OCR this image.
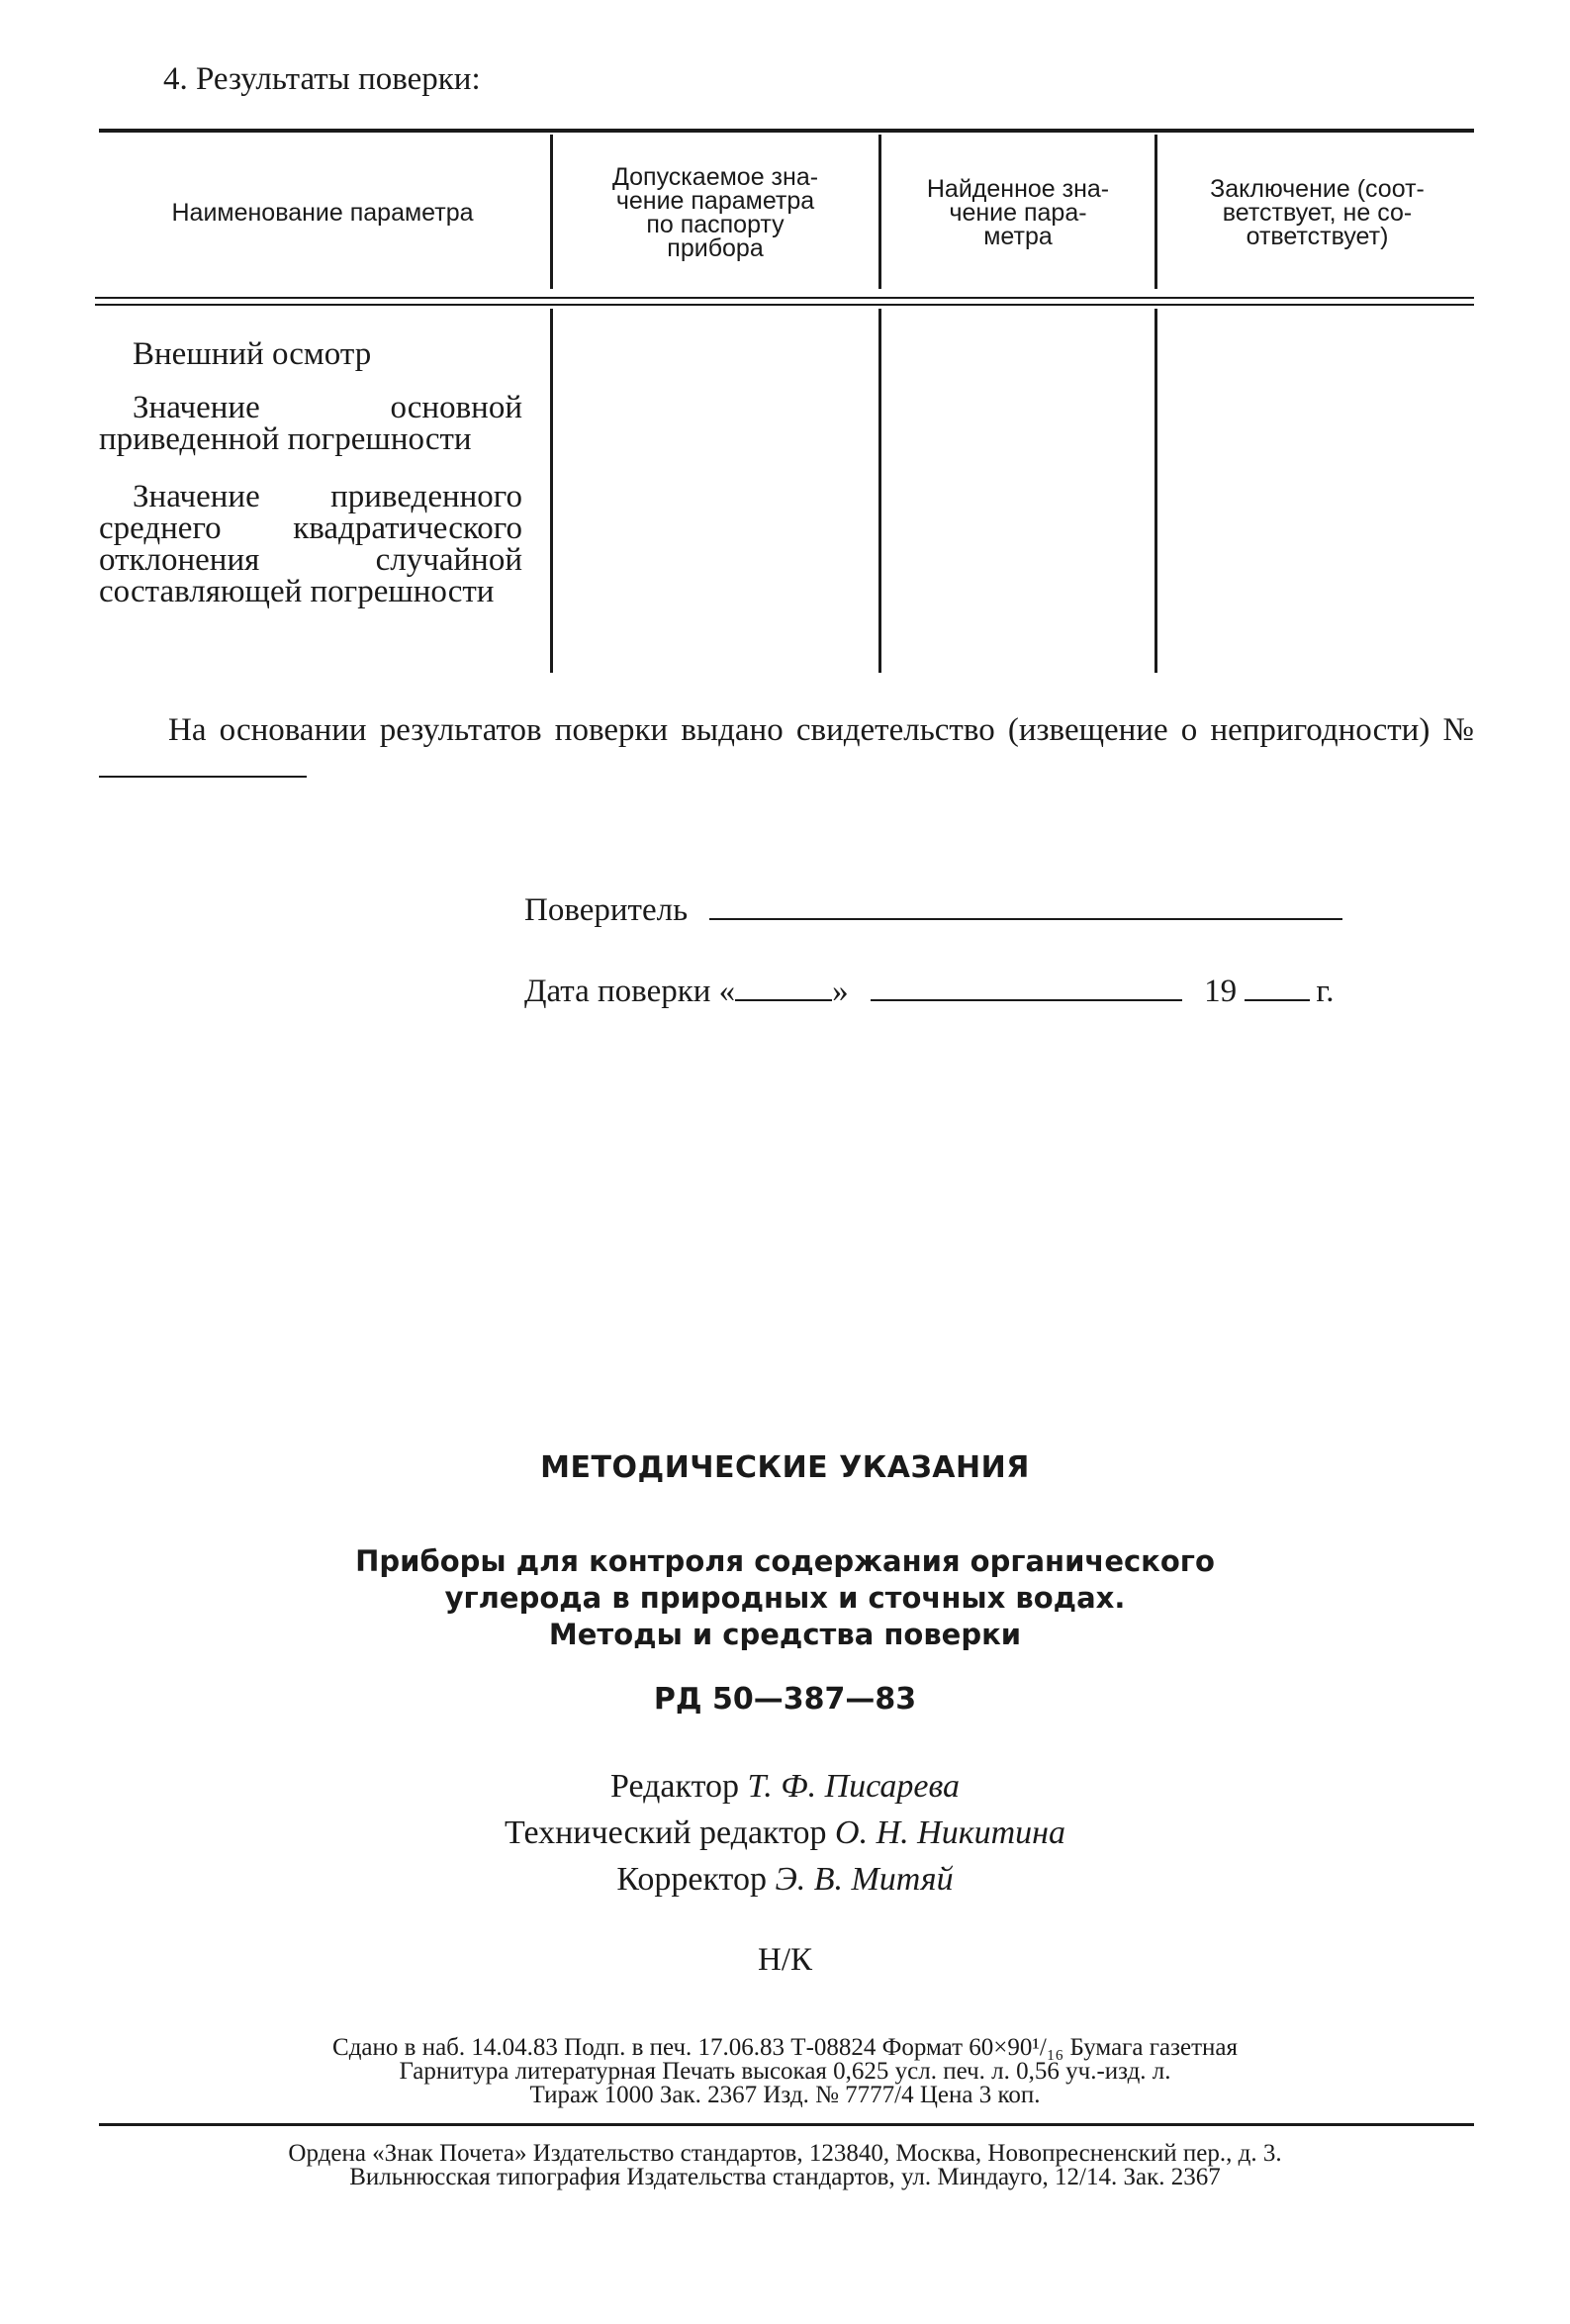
4. Результаты поверки:
Наименование параметра
Допускаемое зна-
чение параметра
по паспорту
прибора
Найденное зна-
чение пара-
метра
Заключение (соот-
ветствует, не со-
ответствует)
Внешний осмотр
Значение основной приведенной погрешности
Значение приведенного среднего квадратического отклонения случайной составляющей погрешности
На основании результатов поверки выдано свидетельство (извещение о непригодности) №
Поверитель
Дата поверки «	»	19 г.
МЕТОДИЧЕСКИЕ УКАЗАНИЯ
Приборы для контроля содержания органического
углерода в природных и сточных водах.
Методы и средства поверки
РД 50—387—83
Редактор Т. Ф. Писарева
Технический редактор О. Н. Никитина
Корректор Э. В. Митяй
Н/К
Сдано в наб. 14.04.83 Подп. в печ. 17.06.83 Т-08824 Формат 60×90¹/₁₆ Бумага газетная
Гарнитура литературная Печать высокая 0,625 усл. печ. л. 0,56 уч.-изд. л.
Тираж 1000 Зак. 2367 Изд. № 7777/4 Цена 3 коп.
Ордена «Знак Почета» Издательство стандартов, 123840, Москва, Новопресненский пер., д. 3.
Вильнюсская типография Издательства стандартов, ул. Миндауго, 12/14. Зак. 2367
